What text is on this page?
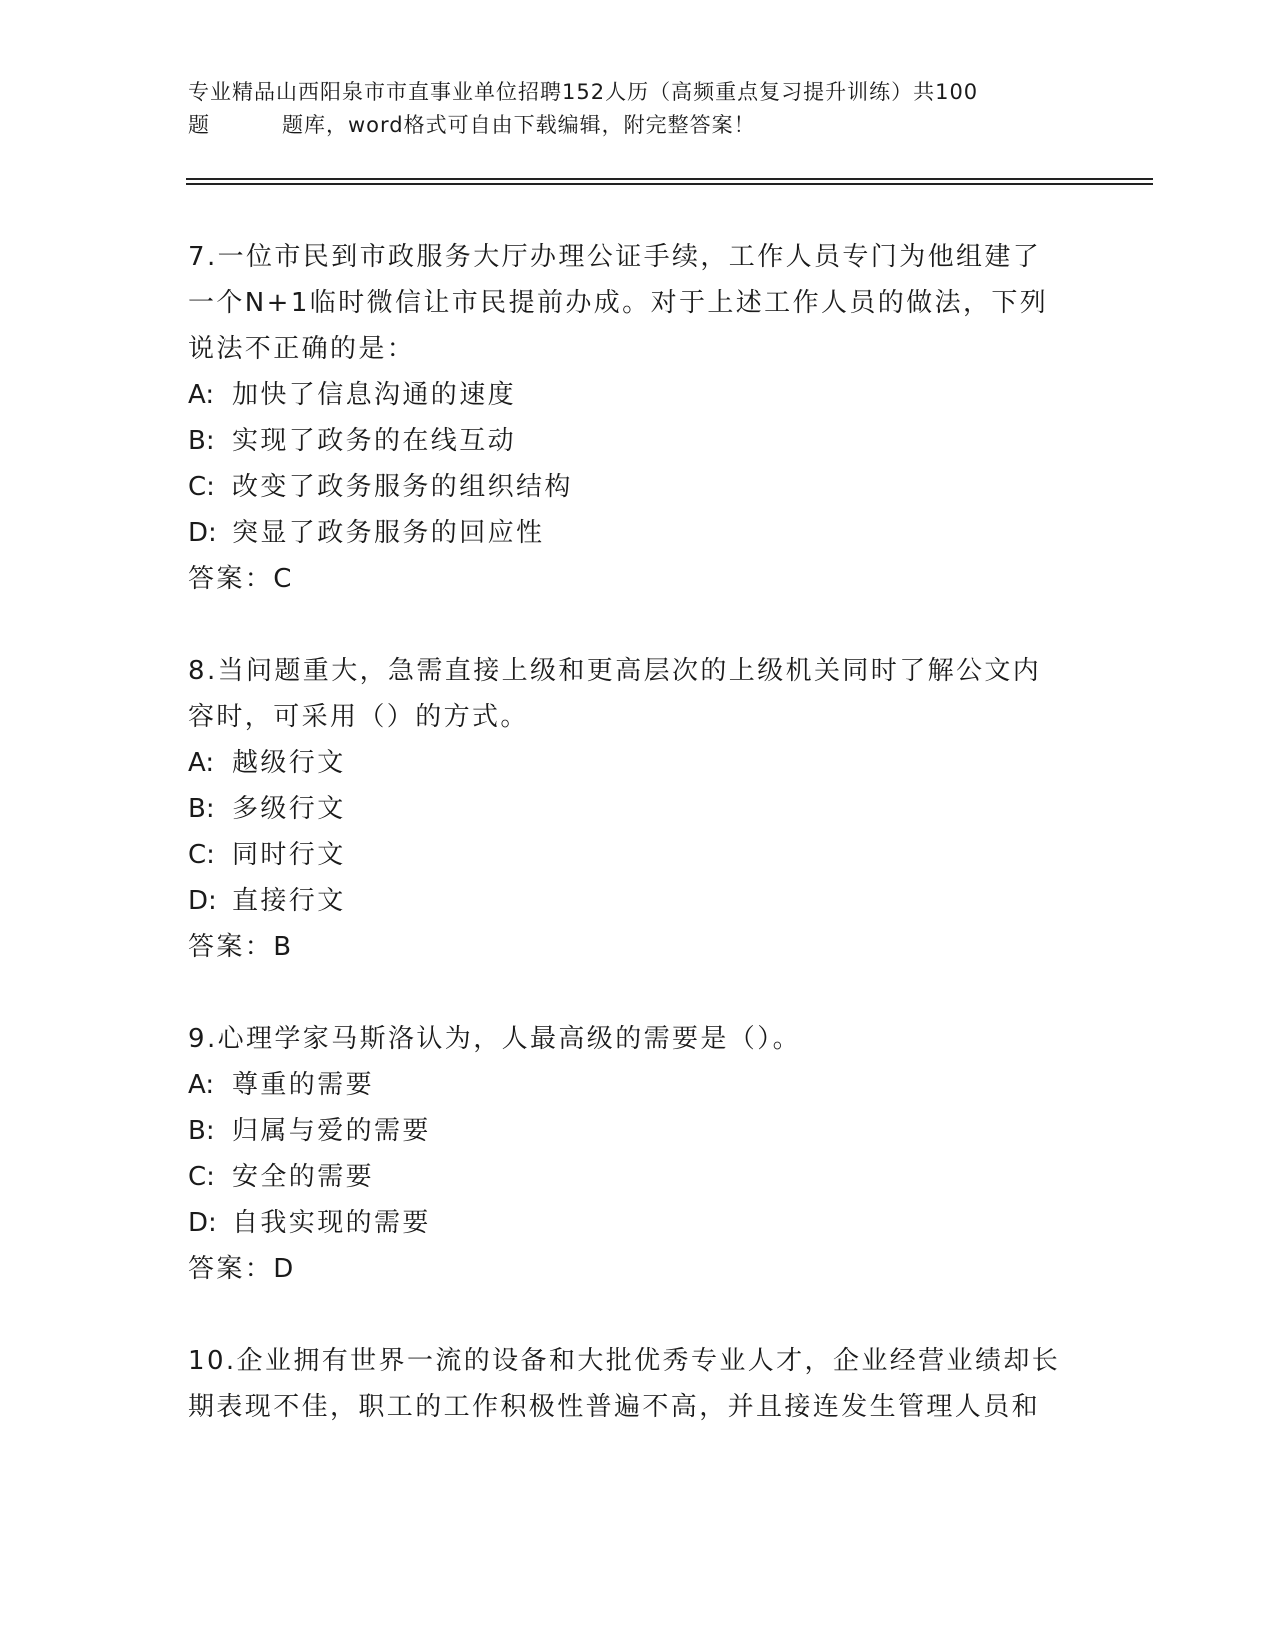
专业精品山西阳泉市市直事业单位招聘152人历（高频重点复习提升训练）共100
题	题库，word格式可自由下载编辑，附完整答案！

7.一位市民到市政服务大厅办理公证手续，工作人员专门为他组建了

一个N+1临时微信让市民提前办成。对于上述工作人员的做法，下列

说法不正确的是：

A: 加快了信息沟通的速度

B: 实现了政务的在线互动

C: 改变了政务服务的组织结构

D: 突显了政务服务的回应性

答案：C

8.当问题重大，急需直接上级和更高层次的上级机关同时了解公文内

容时，可采用（）的方式。

A: 越级行文

B: 多级行文

C: 同时行文

D: 直接行文

答案：B

9.心理学家马斯洛认为，人最高级的需要是（）。

A: 尊重的需要

B: 归属与爱的需要

C: 安全的需要

D: 自我实现的需要

答案：D

10.企业拥有世界一流的设备和大批优秀专业人才，企业经营业绩却长

期表现不佳，职工的工作积极性普遍不高，并且接连发生管理人员和
